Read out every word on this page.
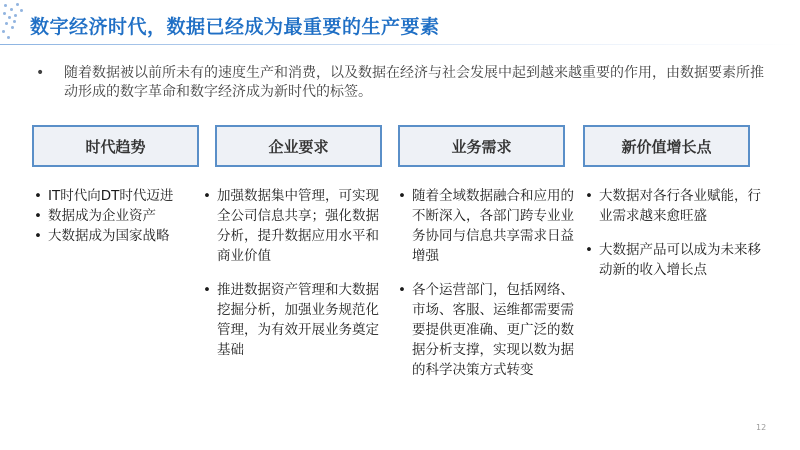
数字经济时代，数据已经成为最重要的生产要素
• 随着数据被以前所未有的速度生产和消费，以及数据在经济与社会发展中起到越来越重要的作用，由数据要素所推动形成的数字革命和数字经济成为新时代的标签。
时代趋势	企业要求	业务需求	新价值增长点
• IT时代向DT时代迈进
• 数据成为企业资产
• 大数据成为国家战略
• 加强数据集中管理，可实现全公司信息共享；强化数据分析，提升数据应用水平和商业价值
• 推进数据资产管理和大数据挖掘分析，加强业务规范化管理，为有效开展业务奠定基础
• 随着全域数据融合和应用的不断深入，各部门跨专业业务协同与信息共享需求日益增强
• 各个运营部门，包括网络、市场、客服、运维都需要需要提供更准确、更广泛的数据分析支撑，实现以数为据的科学决策方式转变
• 大数据对各行各业赋能，行业需求越来愈旺盛
• 大数据产品可以成为未来移动新的收入增长点
12
